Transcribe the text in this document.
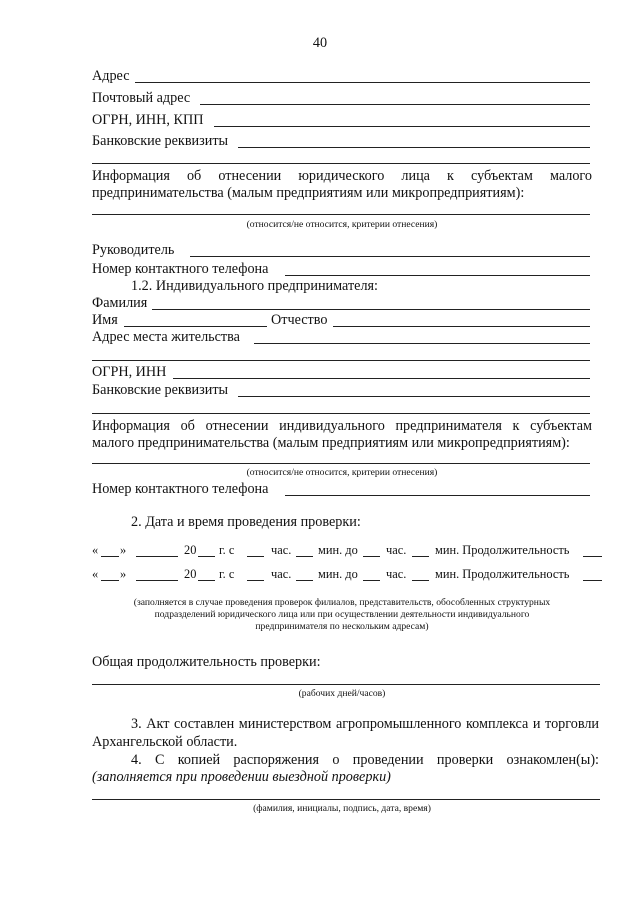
40
Адрес
Почтовый адрес
ОГРН, ИНН, КПП
Банковские реквизиты
Информация об отнесении юридического лица к субъектам малого
предпринимательства (малым предприятиям или микропредприятиям):
(относится/не относится, критерии отнесения)
Руководитель
Номер контактного телефона
1.2. Индивидуального предпринимателя:
Фамилия
Имя	Отчество
Адрес места жительства
ОГРН, ИНН
Банковские реквизиты
Информация об отнесении индивидуального предпринимателя к субъектам
малого предпринимательства (малым предприятиям или микропредприятиям):
(относится/не относится, критерии отнесения)
Номер контактного телефона
2. Дата и время проведения проверки:
« »	20 г. с	час. мин. до час. мин. Продолжительность
« »	20 г. с	час. мин. до час. мин. Продолжительность
(заполняется в случае проведения проверок филиалов, представительств, обособленных структурных
подразделений юридического лица или при осуществлении деятельности индивидуального
предпринимателя по нескольким адресам)
Общая продолжительность проверки:
(рабочих дней/часов)
3. Акт составлен министерством агропромышленного комплекса и торговли
Архангельской области.
4. С копией распоряжения о проведении проверки ознакомлен(ы):
(заполняется при проведении выездной проверки)
(фамилия, инициалы, подпись, дата, время)
